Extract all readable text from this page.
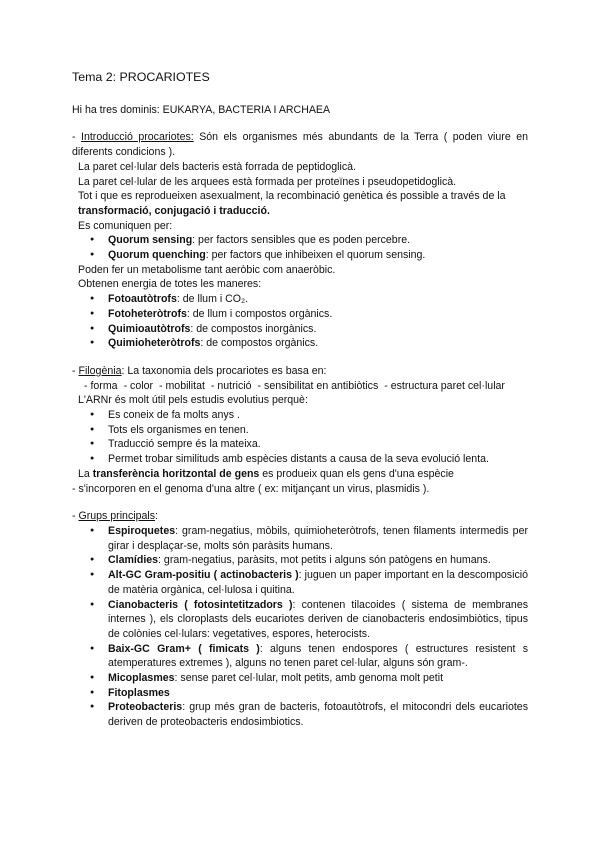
Tema 2: PROCARIOTES

Hi ha tres dominis: EUKARYA, BACTERIA I ARCHAEA

- Introducció procariotes: Són els organismes més abundants de la Terra ( poden viure en diferents condicions ).

La paret cel·lular dels bacteris està forrada de peptidoglicà.

La paret cel·lular de les arquees està formada per proteïnes i pseudopetidoglicà.

Tot i que es reprodueixen asexualment, la recombinació genètica és possible a través de la
transformació, conjugació i traducció.

Es comuniquen per:

● Quorum sensing: per factors sensibles que es poden percebre.
● Quorum quenching: per factors que inhibeixen el quorum sensing.

Poden fer un metabolisme tant aeròbic com anaeròbic.

Obtenen energia de totes les maneres:

● Fotoautòtrofs: de llum i CO₂.
● Fotoheteròtrofs: de llum i compostos orgànics.
● Quimioautòtrofs: de compostos inorgànics.
● Quimioheteròtrofs: de compostos orgànics.

- Filogènia: La taxonomia dels procariotes es basa en:

- forma - color - mobilitat - nutrició - sensibilitat en antibiòtics - estructura paret cel·lular

L'ARNr és molt útil pels estudis evolutius perquè:

● Es coneix de fa molts anys .
● Tots els organismes en tenen.
● Traducció sempre és la mateixa.
● Permet trobar similituds amb espècies distants a causa de la seva evolució lenta.

La transferència horitzontal de gens es produeix quan els gens d'una espècie

- s'incorporen en el genoma d'una altre ( ex: mitjançant un virus, plasmidis ).

- Grups principals:

● Espiroquetes: gram-negatius, mòbils, quimioheteròtrofs, tenen filaments intermedis per girar i desplaçar-se, molts són paràsits humans.
● Clamídies: gram-negatius, paràsits, mot petits i alguns són patògens en humans.
● Alt-GC Gram-positiu ( actinobacteris ): juguen un paper important en la descomposició de matèria orgànica, cel·lulosa i quitina.
● Cianobacteris ( fotosintetitzadors ): contenen tilacoides ( sistema de membranes internes ), els cloroplasts dels eucariotes deriven de cianobacteris endosimbiòtics, tipus de colònies cel·lulars: vegetatives, espores, heterocists.
● Baix-GC Gram+ ( fimicats ): alguns tenen endospores ( estructures resistent s atemperatures extremes ), alguns no tenen paret cel·lular, alguns són gram-.
● Micoplasmes: sense paret cel·lular, molt petits, amb genoma molt petit
● Fitoplasmes
● Proteobacteris: grup més gran de bacteris, fotoautòtrofs, el mitocondri dels eucariotes deriven de proteobacteris endosimbiotics.
